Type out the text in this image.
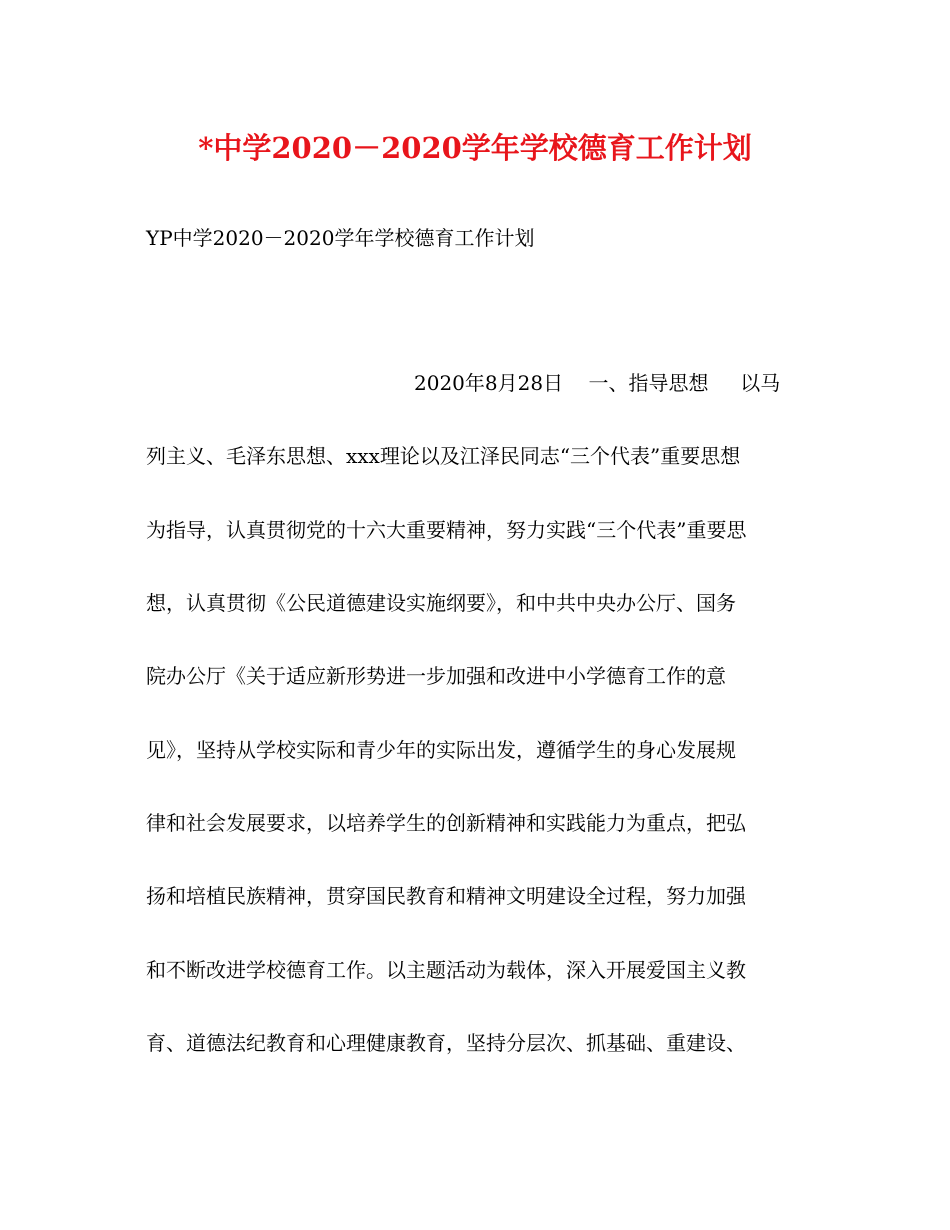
*中学2020－2020学年学校德育工作计划
YP中学2020－2020学年学校德育工作计划
2020年8月28日    一、指导思想     以马
列主义、毛泽东思想、xxx理论以及江泽民同志“三个代表”重要思想
为指导，认真贯彻党的十六大重要精神，努力实践“三个代表”重要思
想，认真贯彻《公民道德建设实施纲要》，和中共中央办公厅、国务
院办公厅《关于适应新形势进一步加强和改进中小学德育工作的意
见》，坚持从学校实际和青少年的实际出发，遵循学生的身心发展规
律和社会发展要求，以培养学生的创新精神和实践能力为重点，把弘
扬和培植民族精神，贯穿国民教育和精神文明建设全过程，努力加强
和不断改进学校德育工作。以主题活动为载体，深入开展爱国主义教
育、道德法纪教育和心理健康教育，坚持分层次、抓基础、重建设、
